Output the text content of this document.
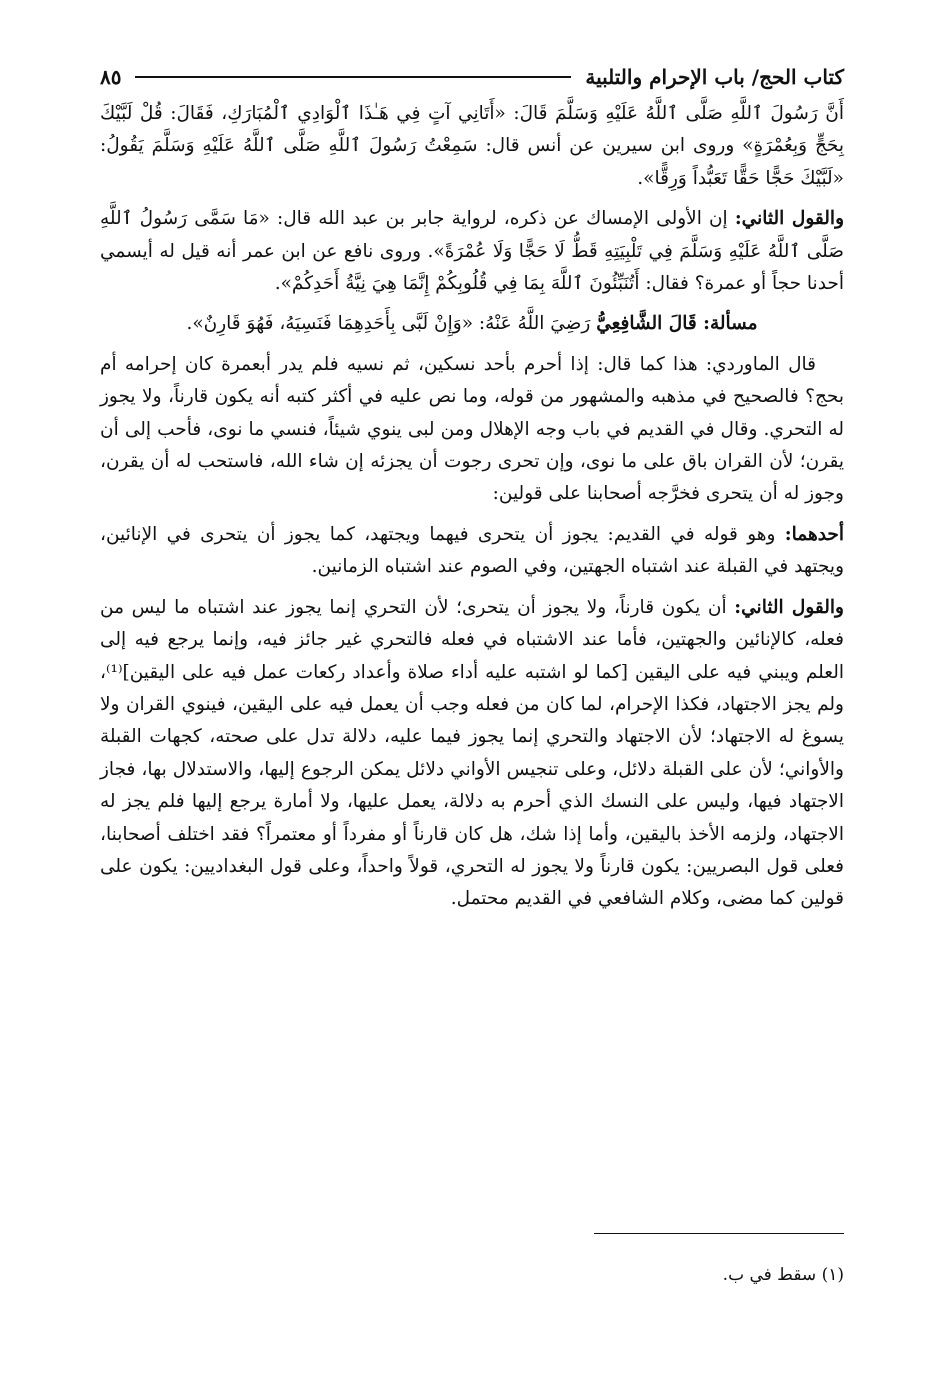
كتاب الحج/ باب الإحرام والتلبية
٨٥

أَنَّ رَسُولَ ٱللَّهِ صَلَّى ٱللَّهُ عَلَيْهِ وَسَلَّمَ قَالَ: «أَتَانِي آتٍ فِي هَـٰذَا ٱلْوَادِي ٱلْمُبَارَكِ، فَقَالَ: قُلْ لَبَّيْكَ بِحَجٍّ وَبِعُمْرَةٍ» وروى ابن سيرين عن أنس قال: سَمِعْتُ رَسُولَ ٱللَّهِ صَلَّى ٱللَّهُ عَلَيْهِ وَسَلَّمَ يَقُولُ: «لَبَّيْكَ حَجًّا حَقًّا تَعَبُّداً وَرِقًّا».

والقول الثاني: إن الأولى الإمساك عن ذكره، لرواية جابر بن عبد الله قال: «مَا سَمَّى رَسُولُ ٱللَّهِ صَلَّى ٱللَّهُ عَلَيْهِ وَسَلَّمَ فِي تَلْبِيَتِهِ قَطُّ لَا حَجًّا وَلَا عُمْرَةً». وروى نافع عن ابن عمر أنه قيل له أيسمي أحدنا حجاً أو عمرة؟ فقال: أَتُنَبِّئُونَ ٱللَّهَ بِمَا فِي قُلُوبِكُمْ إِنَّمَا هِيَ نِيَّةُ أَحَدِكُمْ».

مسألة: قَالَ الشَّافِعِيُّ رَضِيَ اللَّهُ عَنْهُ: «وَإِنْ لَبَّى بِأَحَدِهِمَا فَنَسِيَهُ، فَهُوَ قَارِنٌ».

قال الماوردي: هذا كما قال: إذا أحرم بأحد نسكين، ثم نسيه فلم يدر أبعمرة كان إحرامه أم بحج؟ فالصحيح في مذهبه والمشهور من قوله، وما نص عليه في أكثر كتبه أنه يكون قارناً، ولا يجوز له التحري. وقال في القديم في باب وجه الإهلال ومن لبى ينوي شيئاً، فنسي ما نوى، فأحب إلى أن يقرن؛ لأن القران باق على ما نوى، وإن تحرى رجوت أن يجزئه إن شاء الله، فاستحب له أن يقرن، وجوز له أن يتحرى فخرَّجه أصحابنا على قولين:

أحدهما: وهو قوله في القديم: يجوز أن يتحرى فيهما ويجتهد، كما يجوز أن يتحرى في الإنائين، ويجتهد في القبلة عند اشتباه الجهتين، وفي الصوم عند اشتباه الزمانين.

والقول الثاني: أن يكون قارناً، ولا يجوز أن يتحرى؛ لأن التحري إنما يجوز عند اشتباه ما ليس من فعله، كالإنائين والجهتين، فأما عند الاشتباه في فعله فالتحري غير جائز فيه، وإنما يرجع فيه إلى العلم ويبني فيه على اليقين [كما لو اشتبه عليه أداء صلاة وأعداد ركعات عمل فيه على اليقين]⁽¹⁾، ولم يجز الاجتهاد، فكذا الإحرام، لما كان من فعله وجب أن يعمل فيه على اليقين، فينوي القران ولا يسوغ له الاجتهاد؛ لأن الاجتهاد والتحري إنما يجوز فيما عليه، دلالة تدل على صحته، كجهات القبلة والأواني؛ لأن على القبلة دلائل، وعلى تنجيس الأواني دلائل يمكن الرجوع إليها، والاستدلال بها، فجاز الاجتهاد فيها، وليس على النسك الذي أحرم به دلالة، يعمل عليها، ولا أمارة يرجع إليها فلم يجز له الاجتهاد، ولزمه الأخذ باليقين، وأما إذا شك، هل كان قارناً أو مفرداً أو معتمراً؟ فقد اختلف أصحابنا، فعلى قول البصريين: يكون قارناً ولا يجوز له التحري، قولاً واحداً، وعلى قول البغداديين: يكون على قولين كما مضى، وكلام الشافعي في القديم محتمل.

(١) سقط في ب.
